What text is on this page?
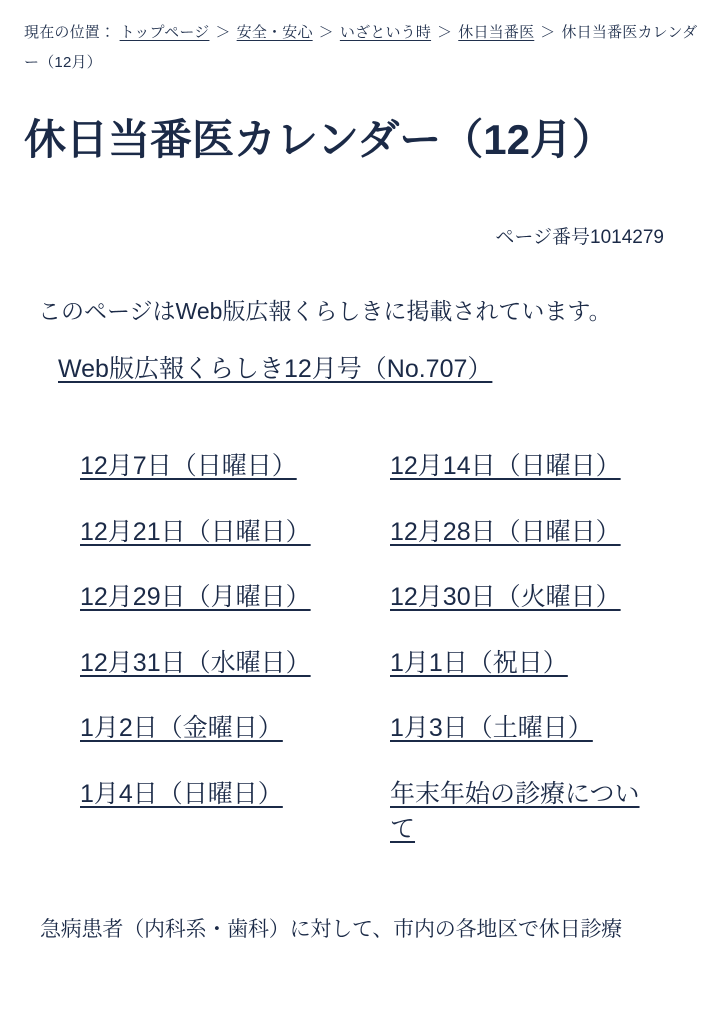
現在の位置： トップページ ＞ 安全・安心 ＞ いざという時 ＞ 休日当番医 ＞ 休日当番医カレンダー（12月）
休日当番医カレンダー（12月）
ページ番号1014279
このページはWeb版広報くらしきに掲載されています。
Web版広報くらしき12月号（No.707）
12月7日（日曜日）	12月14日（日曜日）
12月21日（日曜日）	12月28日（日曜日）
12月29日（月曜日）	12月30日（火曜日）
12月31日（水曜日）	1月1日（祝日）
1月2日（金曜日）	1月3日（土曜日）
1月4日（日曜日）	年末年始の診療について
急病患者（内科系・歯科）に対して、市内の各地区で休日診療
